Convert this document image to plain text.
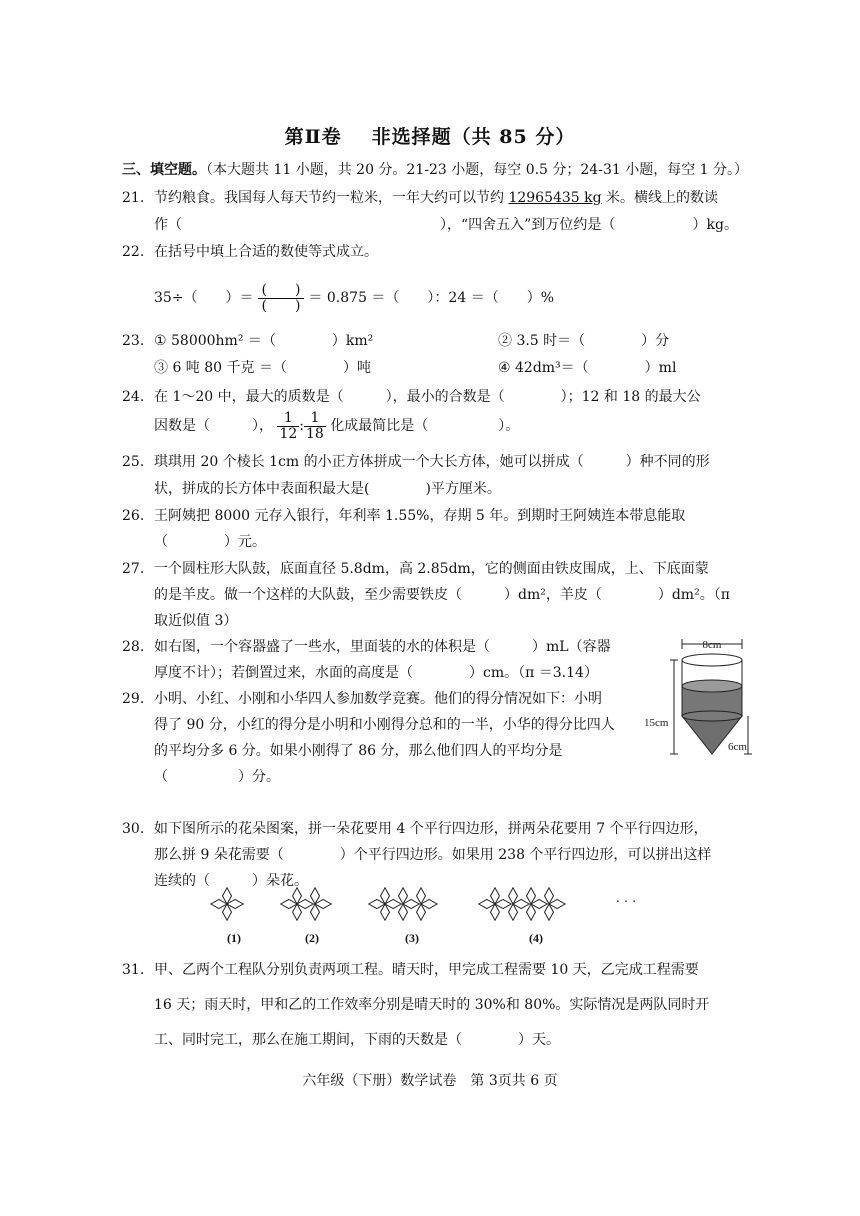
第Ⅱ卷 非选择题（共 85 分）
三、填空题。（本大题共 11 小题，共 20 分。21-23 小题，每空 0.5 分；24-31 小题，每空 1 分。）
21. 节约粮食。我国每人每天节约一粒米，一年大约可以节约 12965435 kg 米。横线上的数读
作（	），“四舍五入”到万位约是（	）kg。
22. 在括号中填上合适的数使等式成立。
35÷（　　）＝ $\frac{( )}{( )} = 0.875$ ＝（　　）：24 ＝（　　）%
23. ① 58000hm² ＝（　　　　）km²	② 3.5 时＝（　　　　）分
③ 6 吨 80 千克 ＝（　　　　）吨	④ 42dm³＝（　　　　）ml
24. 在 1～20 中，最大的质数是（　　　），最小的合数是（　　　　）；12 和 18 的最大公
因数是（　　　）， $\frac{1}{12}$ : $\frac{1}{18}$ 化成最简比是（　　　　　）。
25. 琪琪用 20 个棱长 1cm 的小正方体拼成一个大长方体，她可以拼成（　　　）种不同的形
状，拼成的长方体中表面积最大是(　　　　)平方厘米。
26. 王阿姨把 8000 元存入银行，年利率 1.55%，存期 5 年。到期时王阿姨连本带息能取
（　　　　）元。
27. 一个圆柱形大队鼓，底面直径 5.8dm，高 2.85dm，它的侧面由铁皮围成，上、下底面蒙
的是羊皮。做一个这样的大队鼓，至少需要铁皮（　　　）dm²，羊皮（　　　　）dm²。（π
取近似值 3）
28. 如右图，一个容器盛了一些水，里面装的水的体积是（　　　）mL（容器
厚度不计）；若倒置过来，水面的高度是（　　　　）cm。（π ＝3.14）
29. 小明、小红、小刚和小华四人参加数学竞赛。他们的得分情况如下：小明
得了 90 分，小红的得分是小明和小刚得分总和的一半，小华的得分比四人
的平均分多 6 分。如果小刚得了 86 分，那么他们四人的平均分是
（　　　　　）分。
8cm
15cm
6cm
30. 如下图所示的花朵图案，拼一朵花要用 4 个平行四边形，拼两朵花要用 7 个平行四边形，
那么拼 9 朵花需要（　　　　）个平行四边形。如果用 238 个平行四边形，可以拼出这样
连续的（　　　）朵花。
(1)	(2)	(3)	(4)
· · ·
31. 甲、乙两个工程队分别负责两项工程。晴天时，甲完成工程需要 10 天，乙完成工程需要
16 天；雨天时，甲和乙的工作效率分别是晴天时的 30%和 80%。实际情况是两队同时开
工、同时完工，那么在施工期间，下雨的天数是（　　　　）天。
六年级（下册）数学试卷　第 3页共 6 页
